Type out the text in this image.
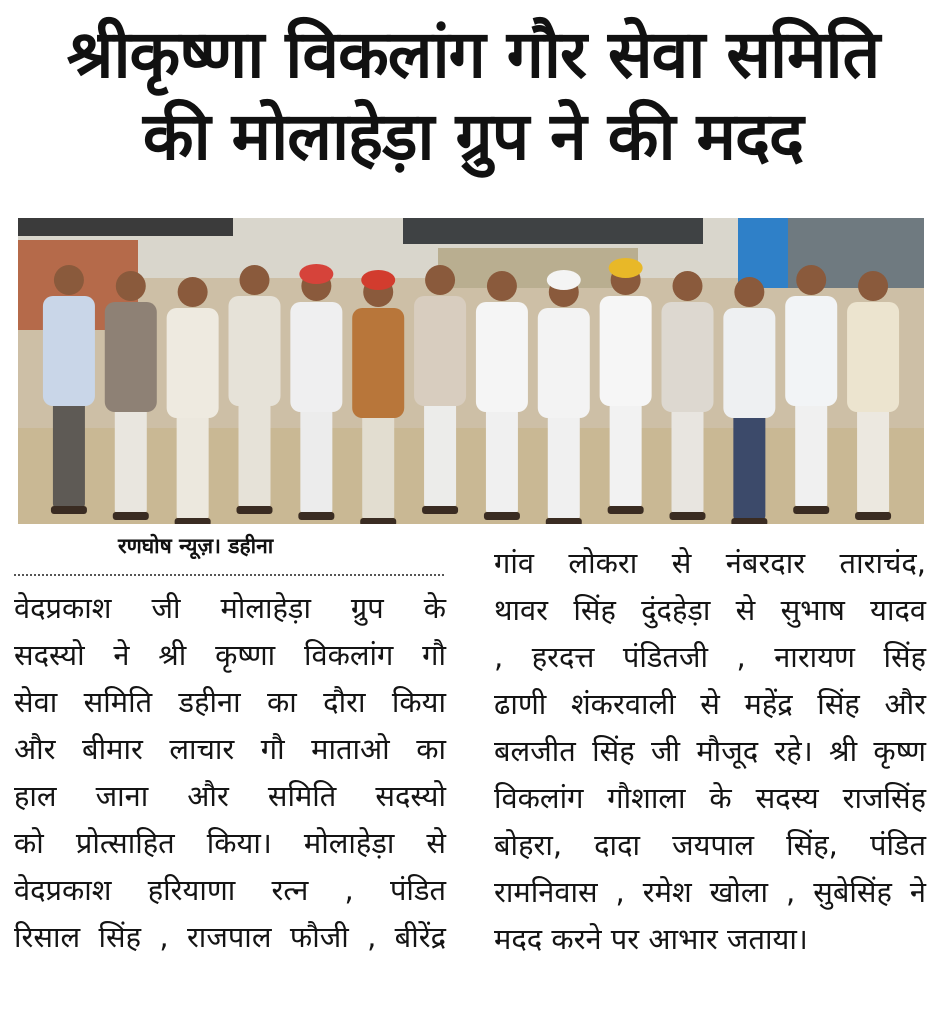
श्रीकृष्णा विकलांग गौर सेवा समिति
की मोलाहेड़ा ग्रुप ने की मदद
रणघोष न्यूज़। डहीना
वेदप्रकाश जी मोलाहेड़ा ग्रुप के
सदस्यो ने श्री कृष्णा विकलांग गौ
सेवा समिति डहीना का दौरा किया
और बीमार लाचार गौ माताओ का
हाल जाना और समिति सदस्यो
को प्रोत्साहित किया। मोलाहेड़ा से
वेदप्रकाश हरियाणा रत्न , पंडित
रिसाल सिंह , राजपाल फौजी , बीरेंद्र
गांव लोकरा से नंबरदार ताराचंद,
थावर सिंह दुंदहेड़ा से सुभाष यादव
, हरदत्त पंडितजी , नारायण सिंह
ढाणी शंकरवाली से महेंद्र सिंह और
बलजीत सिंह जी मौजूद रहे। श्री कृष्ण
विकलांग गौशाला के सदस्य राजसिंह
बोहरा, दादा जयपाल सिंह, पंडित
रामनिवास , रमेश खोला , सुबेसिंह ने
मदद करने पर आभार जताया।
